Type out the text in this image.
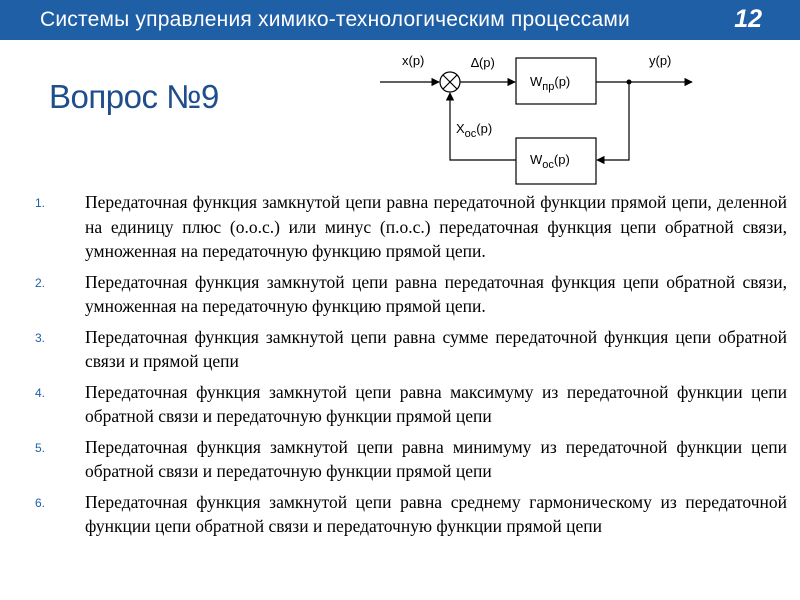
Системы управления химико-технологическим процессами	12
Вопрос №9	$W_{пр}(p)$
$W_{ос}(p)$
x(p)	∆(p)	y(p)
$X_{ос}(p)$
1.	Передаточная функция замкнутой цепи равна передаточной функции прямой цепи, деленной на единицу плюс (о.о.с.) или минус (п.о.с.) передаточная функция цепи обратной связи, умноженная на передаточную функцию прямой цепи.
2.	Передаточная функция замкнутой цепи равна передаточная функция цепи обратной связи, умноженная на передаточную функцию прямой цепи.
3.	Передаточная функция замкнутой цепи равна сумме передаточной функция цепи обратной связи и прямой цепи
4.	Передаточная функция замкнутой цепи равна максимуму из передаточной функции цепи обратной связи и передаточную функции прямой цепи
5.	Передаточная функция замкнутой цепи равна минимуму из передаточной функции цепи обратной связи и передаточную функции прямой цепи
6.	Передаточная функция замкнутой цепи равна среднему гармоническому из передаточной функции цепи обратной связи и передаточную функции прямой цепи
